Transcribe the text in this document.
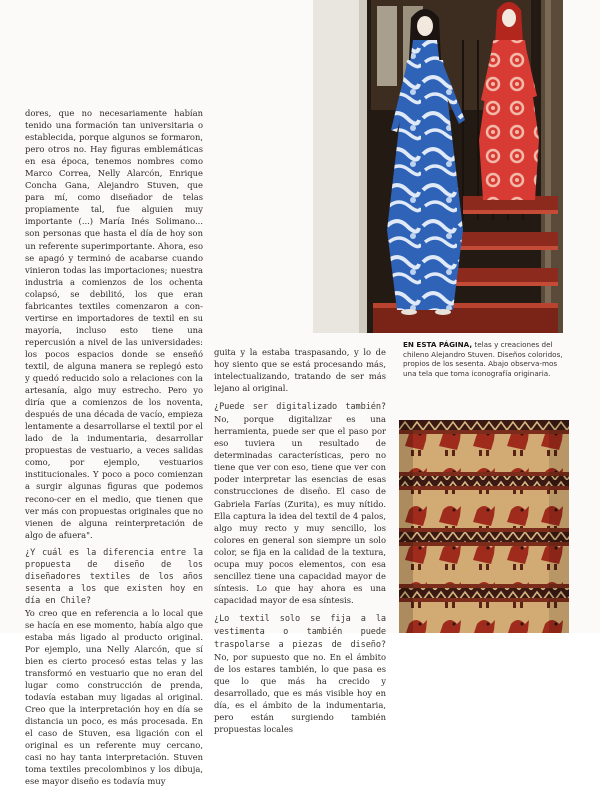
EN ESTA PÁGINA, telas y creaciones del chileno Alejandro Stuven. Diseños coloridos, propios de los sesenta. Abajo observa-mos una tela que toma iconografía originaria.

dores, que no necesariamente habían tenido una formación tan universitaria o establecida, porque algunos se formaron, pero otros no. Hay figuras emblemáticas en esa época, tenemos nombres como Marco Correa, Nelly Alarcón, Enrique Concha Gana, Alejandro Stuven, que para mí, como diseñador de telas propiamente tal, fue alguien muy importante (...) María Inés Solimano... son personas que hasta el día de hoy son un referente superimportante. Ahora, eso se apagó y terminó de acabarse cuando vinieron todas las importaciones; nuestra industria a comienzos de los ochenta colapsó, se debilitó, los que eran fabricantes textiles comenzaron a con-vertirse en importadores de textil en su mayoría, incluso esto tiene una repercusión a nivel de las universidades: los pocos espacios donde se enseñó textil, de alguna manera se replegó esto y quedó reducido solo a relaciones con la artesanía, algo muy estrecho. Pero yo diría que a comienzos de los noventa, después de una década de vacío, empieza lentamente a desarrollarse el textil por el lado de la indumentaria, desarrollar propuestas de vestuario, a veces salidas como, por ejemplo, vestuarios institucionales. Y poco a poco comienzan a surgir algunas figuras que podemos recono-cer en el medio, que tienen que ver más con propuestas originales que no vienen de alguna reinterpretación de algo de afuera".

¿Y cuál es la diferencia entre la propuesta de diseño de los diseñadores textiles de los años sesenta a los que existen hoy en día en Chile?
Yo creo que en referencia a lo local que se hacía en ese momento, había algo que estaba más ligado al producto original. Por ejemplo, una Nelly Alarcón, que sí bien es cierto procesó estas telas y las transformó en vestuario que no eran del lugar como construcción de prenda, todavía estaban muy ligadas al original. Creo que la interpretación hoy en día se distancia un poco, es más procesada. En el caso de Stuven, esa ligación con el original es un referente muy cercano, casi no hay tanta interpretación. Stuven toma textiles precolombinos y los dibuja, ese mayor diseño es todavía muy

guita y la estaba traspasando, y lo de hoy siento que se está procesando más, intelectualizando, tratando de ser más lejano al original.

¿Puede ser digitalizado también? No, porque digitalizar es una herramienta, puede ser que el paso por eso tuviera un resultado de determinadas características, pero no tiene que ver con eso, tiene que ver con poder interpretar las esencias de esas construcciones de diseño. El caso de Gabriela Farías (Zurita), es muy nítido. Ella captura la idea del textil de 4 palos, algo muy recto y muy sencillo, los colores en general son siempre un solo color, se fija en la calidad de la textura, ocupa muy pocos elementos, con esa sencillez tiene una capacidad mayor de síntesis. Lo que hay ahora es una capacidad mayor de esa síntesis.

¿Lo textil solo se fija a la vestimenta o también puede traspolarse a piezas de diseño? No, por supuesto que no. En el ámbito de los estares también, lo que pasa es que lo que más ha crecido y desarrollado, que es más visible hoy en día, es el ámbito de la indumentaria, pero están surgiendo también propuestas locales
